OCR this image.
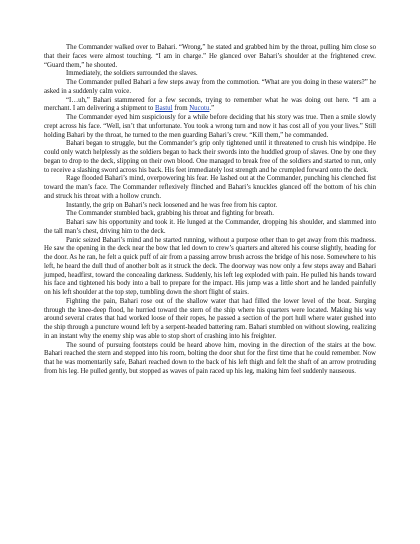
The Commander walked over to Bahari. “Wrong,” he stated and grabbed him by the throat, pulling him close so that their faces were almost touching. “I am in charge.” He glanced over Bahari’s shoulder at the frightened crew. “Guard them,” he shouted.

Immediately, the soldiers surrounded the slaves.

The Commander pulled Bahari a few steps away from the commotion. “What are you doing in these waters?” he asked in a suddenly calm voice.

“I…uh,” Bahari stammered for a few seconds, trying to remember what he was doing out here. “I am a merchant. I am delivering a shipment to Bastul from Nucotu.”

The Commander eyed him suspiciously for a while before deciding that his story was true. Then a smile slowly crept across his face. “Well, isn’t that unfortunate. You took a wrong turn and now it has cost all of you your lives.” Still holding Bahari by the throat, he turned to the men guarding Bahari’s crew. “Kill them,” he commanded.

Bahari began to struggle, but the Commander’s grip only tightened until it threatened to crush his windpipe. He could only watch helplessly as the soldiers began to hack their swords into the huddled group of slaves. One by one they began to drop to the deck, slipping on their own blood. One managed to break free of the soldiers and started to run, only to receive a slashing sword across his back. His feet immediately lost strength and he crumpled forward onto the deck.

Rage flooded Bahari’s mind, overpowering his fear. He lashed out at the Commander, punching his clenched fist toward the man’s face. The Commander reflexively flinched and Bahari’s knuckles glanced off the bottom of his chin and struck his throat with a hollow crunch.

Instantly, the grip on Bahari’s neck loosened and he was free from his captor.

The Commander stumbled back, grabbing his throat and fighting for breath.

Bahari saw his opportunity and took it. He lunged at the Commander, dropping his shoulder, and slammed into the tall man’s chest, driving him to the deck.

Panic seized Bahari’s mind and he started running, without a purpose other than to get away from this madness. He saw the opening in the deck near the bow that led down to crew’s quarters and altered his course slightly, heading for the door. As he ran, he felt a quick puff of air from a passing arrow brush across the bridge of his nose. Somewhere to his left, he heard the dull thud of another bolt as it struck the deck. The doorway was now only a few steps away and Bahari jumped, headfirst, toward the concealing darkness. Suddenly, his left leg exploded with pain. He pulled his hands toward his face and tightened his body into a ball to prepare for the impact. His jump was a little short and he landed painfully on his left shoulder at the top step, tumbling down the short flight of stairs.

Fighting the pain, Bahari rose out of the shallow water that had filled the lower level of the boat. Surging through the knee-deep flood, he hurried toward the stern of the ship where his quarters were located. Making his way around several crates that had worked loose of their ropes, he passed a section of the port hull where water gushed into the ship through a puncture wound left by a serpent-headed battering ram. Bahari stumbled on without slowing, realizing in an instant why the enemy ship was able to stop short of crashing into his freighter.

The sound of pursuing footsteps could be heard above him, moving in the direction of the stairs at the bow. Bahari reached the stern and stepped into his room, bolting the door shut for the first time that he could remember. Now that he was momentarily safe, Bahari reached down to the back of his left thigh and felt the shaft of an arrow protruding from his leg. He pulled gently, but stopped as waves of pain raced up his leg, making him feel suddenly nauseous.
